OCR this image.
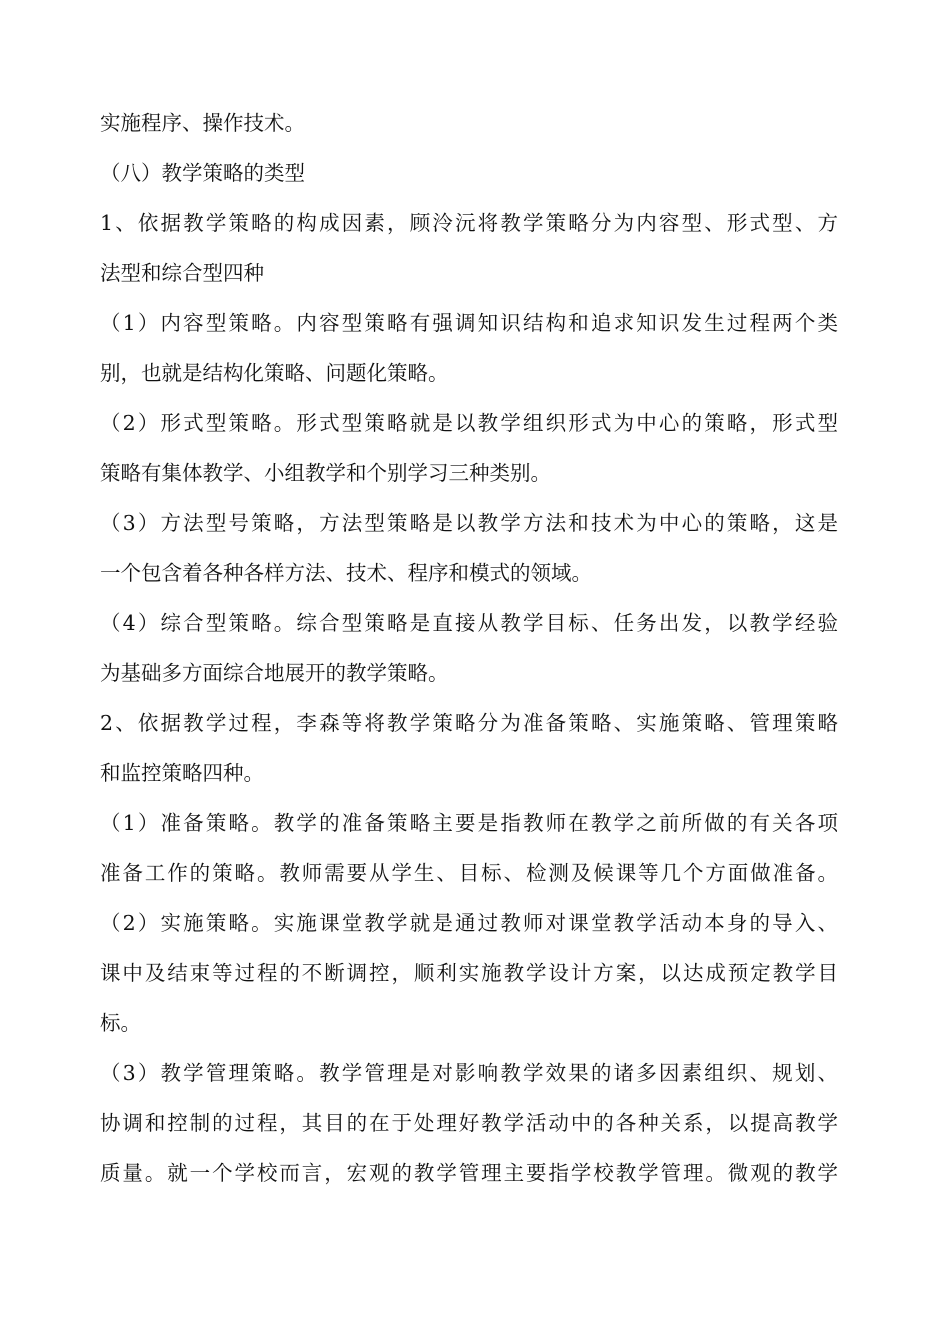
实施程序、操作技术。
（八）教学策略的类型
1、依据教学策略的构成因素，顾泠沅将教学策略分为内容型、形式型、方
法型和综合型四种
（1）内容型策略。内容型策略有强调知识结构和追求知识发生过程两个类
别，也就是结构化策略、问题化策略。
（2）形式型策略。形式型策略就是以教学组织形式为中心的策略，形式型
策略有集体教学、小组教学和个别学习三种类别。
（3）方法型号策略，方法型策略是以教学方法和技术为中心的策略，这是
一个包含着各种各样方法、技术、程序和模式的领域。
（4）综合型策略。综合型策略是直接从教学目标、任务出发，以教学经验
为基础多方面综合地展开的教学策略。
2、依据教学过程，李森等将教学策略分为准备策略、实施策略、管理策略
和监控策略四种。
（1）准备策略。教学的准备策略主要是指教师在教学之前所做的有关各项
准备工作的策略。教师需要从学生、目标、检测及候课等几个方面做准备。
（2）实施策略。实施课堂教学就是通过教师对课堂教学活动本身的导入、
课中及结束等过程的不断调控，顺利实施教学设计方案，以达成预定教学目
标。
（3）教学管理策略。教学管理是对影响教学效果的诸多因素组织、规划、
协调和控制的过程，其目的在于处理好教学活动中的各种关系，以提高教学
质量。就一个学校而言，宏观的教学管理主要指学校教学管理。微观的教学
